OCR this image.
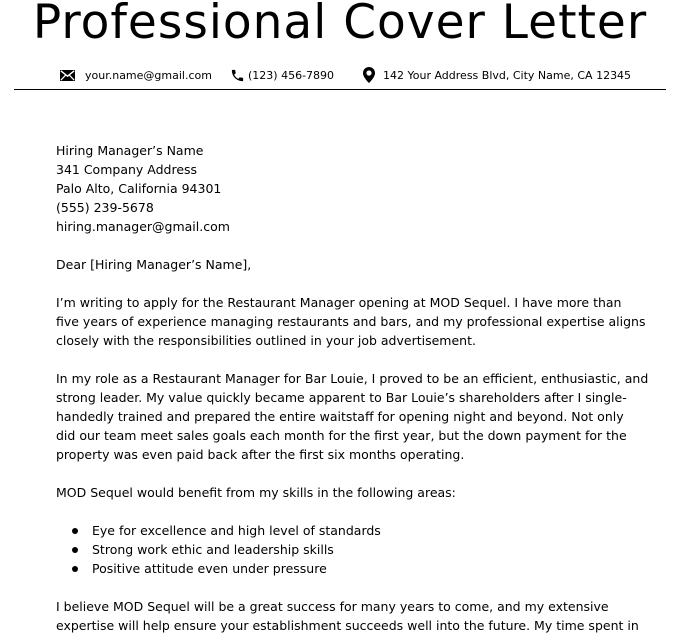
Professional Cover Letter
your.name@gmail.com	(123) 456-7890	142 Your Address Blvd, City Name, CA 12345

Hiring Manager’s Name

341 Company Address

Palo Alto, California 94301

(555) 239-5678

hiring.manager@gmail.com

Dear [Hiring Manager’s Name],

I’m writing to apply for the Restaurant Manager opening at MOD Sequel. I have more than
five years of experience managing restaurants and bars, and my professional expertise aligns
closely with the responsibilities outlined in your job advertisement.

In my role as a Restaurant Manager for Bar Louie, I proved to be an efficient, enthusiastic, and
strong leader. My value quickly became apparent to Bar Louie’s shareholders after I single-
handedly trained and prepared the entire waitstaff for opening night and beyond. Not only
did our team meet sales goals each month for the first year, but the down payment for the
property was even paid back after the first six months operating.

MOD Sequel would benefit from my skills in the following areas:

Eye for excellence and high level of standards
Strong work ethic and leadership skills
Positive attitude even under pressure

I believe MOD Sequel will be a great success for many years to come, and my extensive
expertise will help ensure your establishment succeeds well into the future. My time spent in
